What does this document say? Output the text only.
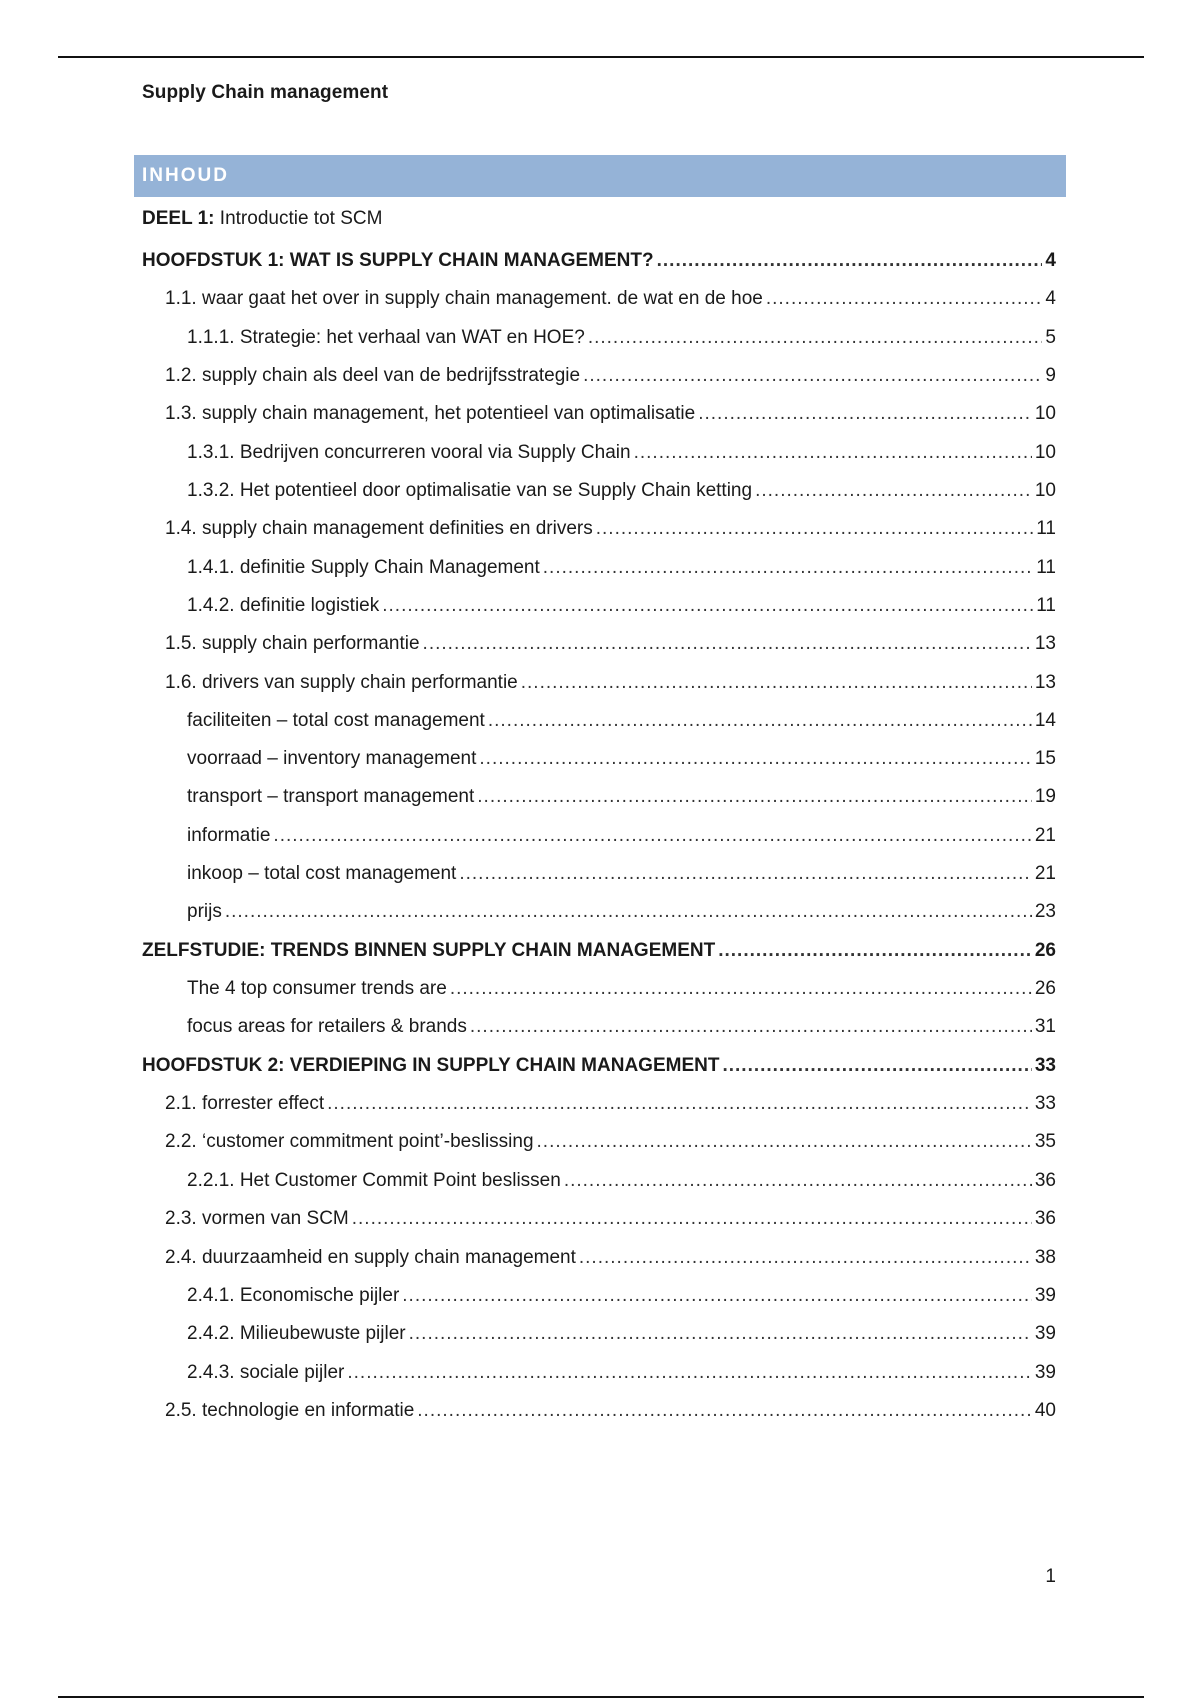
Supply Chain management
INHOUD
DEEL 1: Introductie tot SCM
HOOFDSTUK 1: WAT IS SUPPLY CHAIN MANAGEMENT? .....	4
1.1. waar gaat het over in supply chain management. de wat en de hoe .....	4
1.1.1. Strategie: het verhaal van WAT en HOE? .....	5
1.2. supply chain als deel van de bedrijfsstrategie .....	9
1.3. supply chain management, het potentieel van optimalisatie .....	10
1.3.1. Bedrijven concurreren vooral via Supply Chain .....	10
1.3.2. Het potentieel door optimalisatie van se Supply Chain ketting .....	10
1.4. supply chain management definities en drivers .....	11
1.4.1. definitie Supply Chain Management .....	11
1.4.2. definitie logistiek .....	11
1.5. supply chain performantie .....	13
1.6. drivers van supply chain performantie .....	13
faciliteiten – total cost management .....	14
voorraad – inventory management .....	15
transport – transport management .....	19
informatie .....	21
inkoop – total cost management .....	21
prijs .....	23
ZELFSTUDIE: TRENDS BINNEN SUPPLY CHAIN MANAGEMENT .....	26
The 4 top consumer trends are .....	26
focus areas for retailers & brands .....	31
HOOFDSTUK 2: VERDIEPING IN SUPPLY CHAIN MANAGEMENT .....	33
2.1. forrester effect .....	33
2.2. ‘customer commitment point’-beslissing .....	35
2.2.1. Het Customer Commit Point beslissen .....	36
2.3. vormen van SCM .....	36
2.4. duurzaamheid en supply chain management .....	38
2.4.1. Economische pijler .....	39
2.4.2. Milieubewuste pijler .....	39
2.4.3. sociale pijler .....	39
2.5. technologie en informatie .....	40
1
